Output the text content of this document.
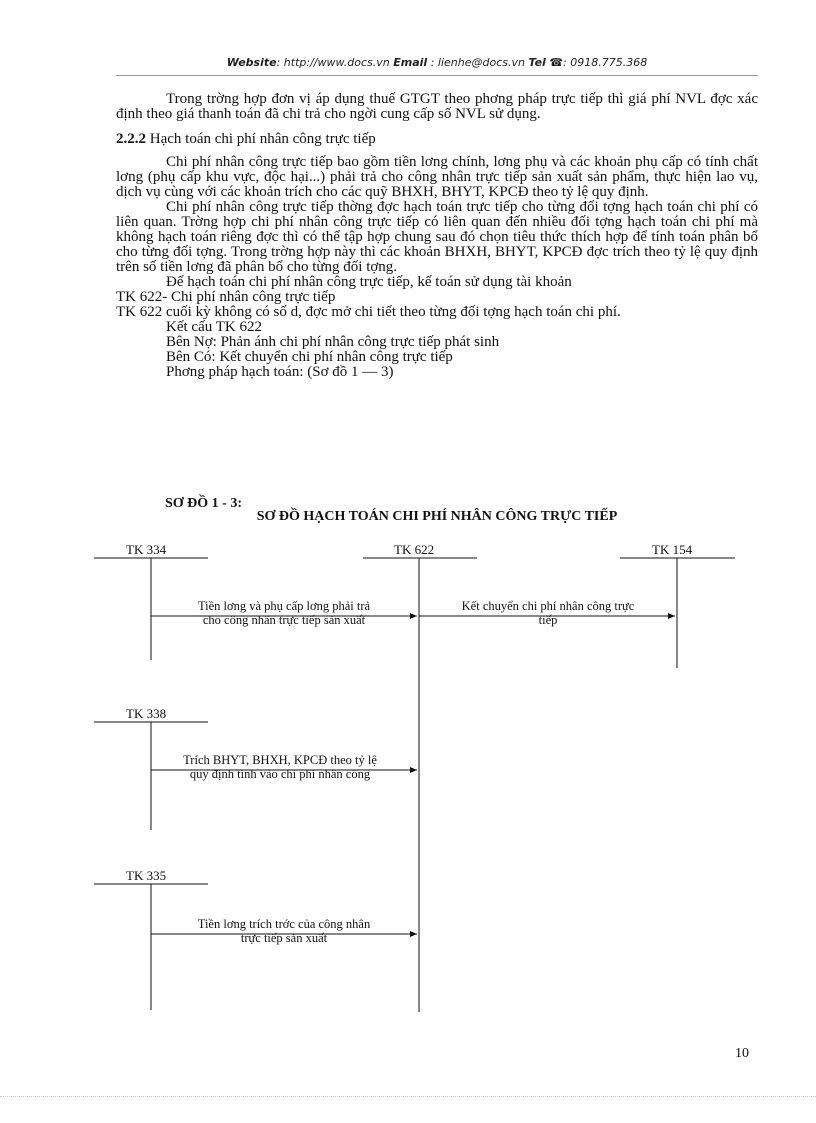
Website: http://www.docs.vn Email : lienhe@docs.vn Tel ☎: 0918.775.368

Trong trờng hợp đơn vị áp dụng thuế GTGT theo phơng pháp trực tiếp thì giá phí NVL đợc xác định theo giá thanh toán đã chi trả cho ngời cung cấp số NVL sử dụng.

2.2.2 Hạch toán chi phí nhân công trực tiếp

Chi phí nhân công trực tiếp bao gồm tiền lơng chính, lơng phụ và các khoản phụ cấp có tính chất lơng (phụ cấp khu vực, độc hại...) phải trả cho công nhân trực tiếp sản xuất sản phẩm, thực hiện lao vụ, dịch vụ cùng với các khoản trích cho các quỹ BHXH, BHYT, KPCĐ theo tỷ lệ quy định.

Chi phí nhân công trực tiếp thờng đợc hạch toán trực tiếp cho từng đối tợng hạch toán chi phí có liên quan. Trờng hợp chi phí nhân công trực tiếp có liên quan đến nhiều đối tợng hạch toán chi phí mà không hạch toán riêng đợc thì có thể tập hợp chung sau đó chọn tiêu thức thích hợp để tính toán phân bổ cho từng đối tợng. Trong trờng hợp này thì các khoản BHXH, BHYT, KPCĐ đợc trích theo tỷ lệ quy định trên số tiền lơng đã phân bổ cho từng đối tợng.

Để hạch toán chi phí nhân công trực tiếp, kế toán sử dụng tài khoản

TK 622- Chi phí nhân công trực tiếp

TK 622 cuối kỳ không có số d, đợc mở chi tiết theo từng đối tợng hạch toán chi phí.

Kết cấu TK 622

Bên Nợ: Phản ánh chi phí nhân công trực tiếp phát sinh

Bên Có: Kết chuyển chi phí nhân công trực tiếp

Phơng pháp hạch toán: (Sơ đồ 1 — 3)

SƠ ĐỒ 1 - 3:
SƠ ĐỒ HẠCH TOÁN CHI PHÍ NHÂN CÔNG TRỰC TIẾP
TK 334	TK 622	TK 154
Tiền lơng và phụ cấp lơng phải trả
cho công nhân trực tiếp sản xuất
Kết chuyển chi phí nhân công trực
tiếp
TK 338
Trích BHYT, BHXH, KPCĐ theo tỷ lệ
quy định tính vào chi phí nhân công
TK 335
Tiền lơng trích trớc của công nhân
trực tiếp sản xuất
10
